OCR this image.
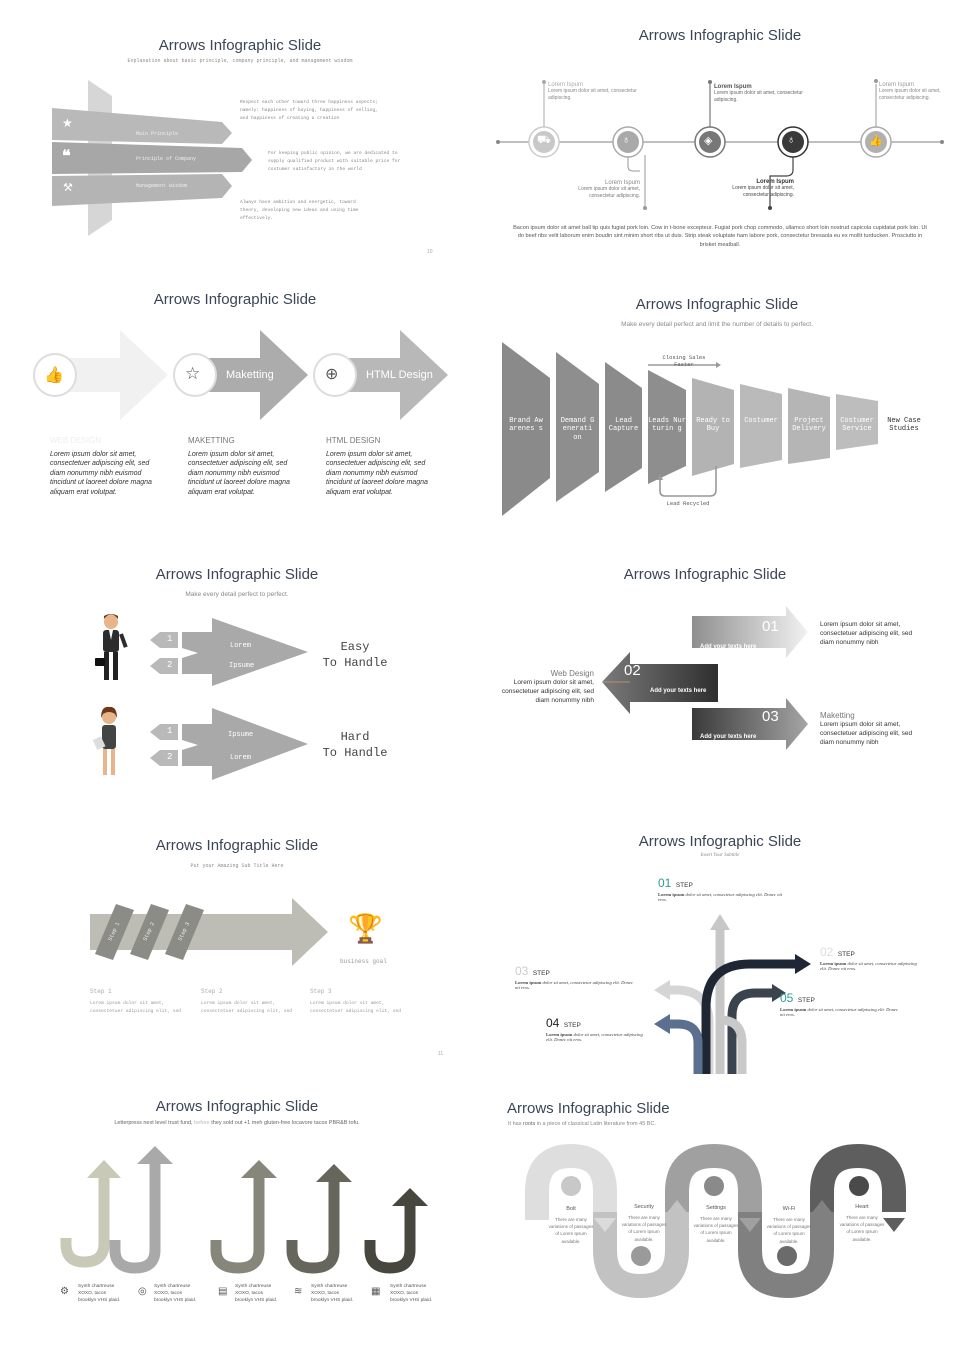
Arrows Infographic Slide
Explanation about basic principle, company principle, and management wisdom
★
❝
⚒
Main Principle
Principle of Company
Management wisdom
Respect each other toward three happiness aspects; namely: happiness of buying, happiness of selling, and happiness of creating a creation
For keeping public opinion, we are dedicated to supply qualified product with suitable price for costumer satisfactory in the world
Always have ambition and energetic, toward theory, developing new ideas and using time effectively.
10
Arrows Infographic Slide
⛟	♁	◈	♁	👍
Lorem Ispum
Lorem ipsum dolor sit amet, consectetur adipiscing.
Lorem Ispum
Lorem ipsum dolor sit amet, consectetur adipiscing.
Lorem Ispum
Lorem ipsum dolor sit amet, consectetur adipiscing.
Lorem Ispum
Lorem ipsum dolor sit amet, consectetur adipiscing.
Lorem Ispum
Lorem ipsum dolor sit amet, consectetur adipiscing.
Bacon ipsum dolor sit amet ball tip quis fugiat pork loin. Cow in t-bone excepteur. Fugiat pork chop commodo, ullamco short loin nostrud capicola cupidatat pork loin. Ut do beef ribs velit laborum enim boudin sint minim short ribs ut duis. Strip steak voluptate ham labore pork, consectetur bresaola eu ex mollit turducken. Prosciutto in brisket meatball.
Arrows Infographic Slide
👍	☆	⊕
Maketting	HTML Design
WEB DESIGN	MAKETTING	HTML DESIGN
Lorem ipsum dolor sit amet, consectetuer adipiscing elit, sed diam nonummy nibh euismod tincidunt ut laoreet dolore magna aliquam erat volutpat.
Lorem ipsum dolor sit amet, consectetuer adipiscing elit, sed diam nonummy nibh euismod tincidunt ut laoreet dolore magna aliquam erat volutpat.
Lorem ipsum dolor sit amet, consectetuer adipiscing elit, sed diam nonummy nibh euismod tincidunt ut laoreet dolore magna aliquam erat volutpat.
Arrows Infographic Slide
Make every detail perfect and limit the number of details to perfect.
Closing Sales Faster
Lead Recycled
Brand Awarenes s
Demand Generati on
Lead Capture
Leads Nurturin g
Ready to Buy
Costumer	Project Delivery
Costumer Service
New Case Studies
Arrows Infographic Slide
Make every detail perfect to perfect.
1
2
Lorem
Ipsume
Easy
To Handle
1
2
Ipsume
Lorem
Hard
To Handle
Arrows Infographic Slide
01
Add your texts here
02
Add your texts here
03
Add your texts here
Web Design
Lorem ipsum dolor sit amet, consectetuer adipiscing elit, sed diam nonummy nibh
Lorem ipsum dolor sit amet, consectetuer adipiscing elit, sed diam nonummy nibh
Maketting
Lorem ipsum dolor sit amet, consectetuer adipiscing elit, sed diam nonummy nibh
Arrows Infographic Slide
Put your Amazing Sub Title Here
Step 1	Step 2	Step 3	🏆
business goal
Step 1	Step 2	Step 3
Lorem ipsum dolor sit amet, consectetuer adipiscing elit, sed
Lorem ipsum dolor sit amet, consectetuer adipiscing elit, sed
Lorem ipsum dolor sit amet, consectetuer adipiscing elit, sed
11
Arrows Infographic Slide
Insert Your Subtitle
01 STEP
Lorem ipsum dolor sit amet, consectetur adipiscing elit. Donec nit eros.
02 STEP
Lorem ipsum dolor sit amet, consectetur adipiscing elit. Donec nit eros.
03 STEP
Lorem ipsum dolor sit amet, consectetur adipiscing elit. Donec nit eros.
04 STEP
Lorem ipsum dolor sit amet, consectetur adipiscing elit. Donec nit eros.
05 STEP
Lorem ipsum dolor sit amet, consectetur adipiscing elit. Donec nit eros.
Arrows Infographic Slide
Letterpress next level trust fund, before they sold out +1 meh gluten-free locavore tacos PBR&B tofu.
⚙	◎	▤	≋	▦
Synth chartreuse XOXO, tacos brooklyn VHS plaid.
Synth chartreuse XOXO, tacos brooklyn VHS plaid.
Synth chartreuse XOXO, tacos brooklyn VHS plaid.
Synth chartreuse XOXO, tacos brooklyn VHS plaid.
Synth chartreuse XOXO, tacos brooklyn VHS plaid.
Arrows Infographic Slide
It has roots in a piece of classical Latin literature from 45 BC.
Bolt
There are many variations of passages of Lorem Ipsum available.
Security
There are many variations of passages of Lorem Ipsum available.
Settings
There are many variations of passages of Lorem Ipsum available.
Wi-Fi
There are many variations of passages of Lorem Ipsum available.
Heart
There are many variations of passages of Lorem Ipsum available.
